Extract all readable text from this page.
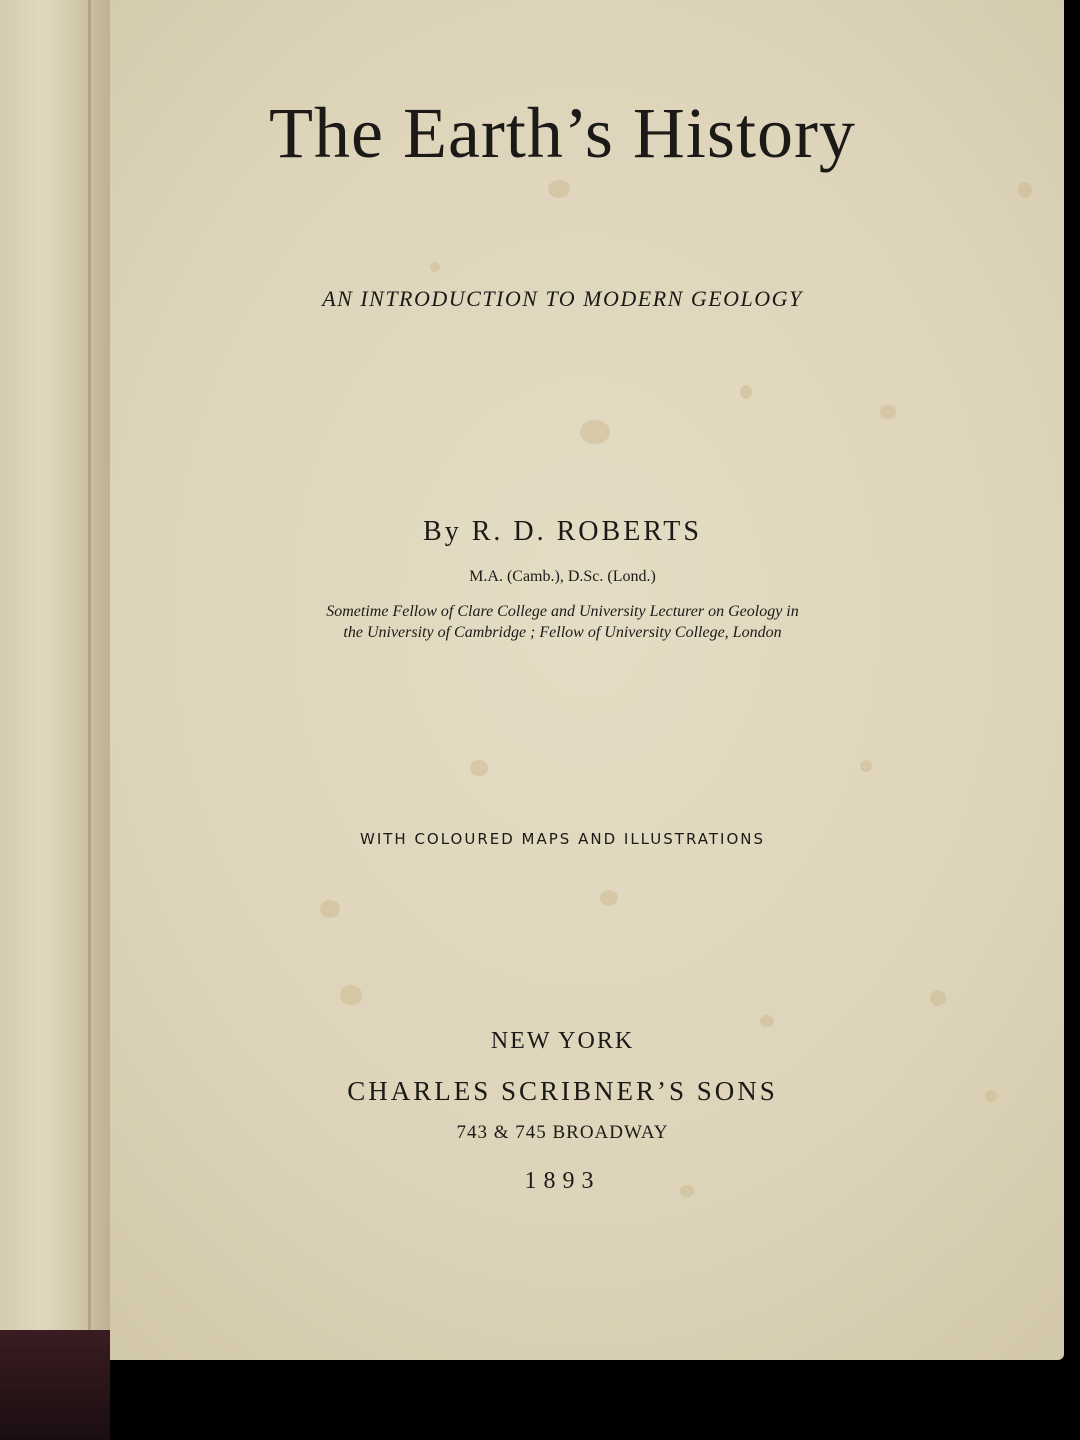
The Earth’s History
AN INTRODUCTION TO MODERN GEOLOGY
By R. D. ROBERTS
M.A. (Camb.), D.Sc. (Lond.)
Sometime Fellow of Clare College and University Lecturer on Geology in
the University of Cambridge ; Fellow of University College, London
WITH COLOURED MAPS AND ILLUSTRATIONS
NEW YORK
CHARLES SCRIBNER’S SONS
743 & 745 BROADWAY
1893
